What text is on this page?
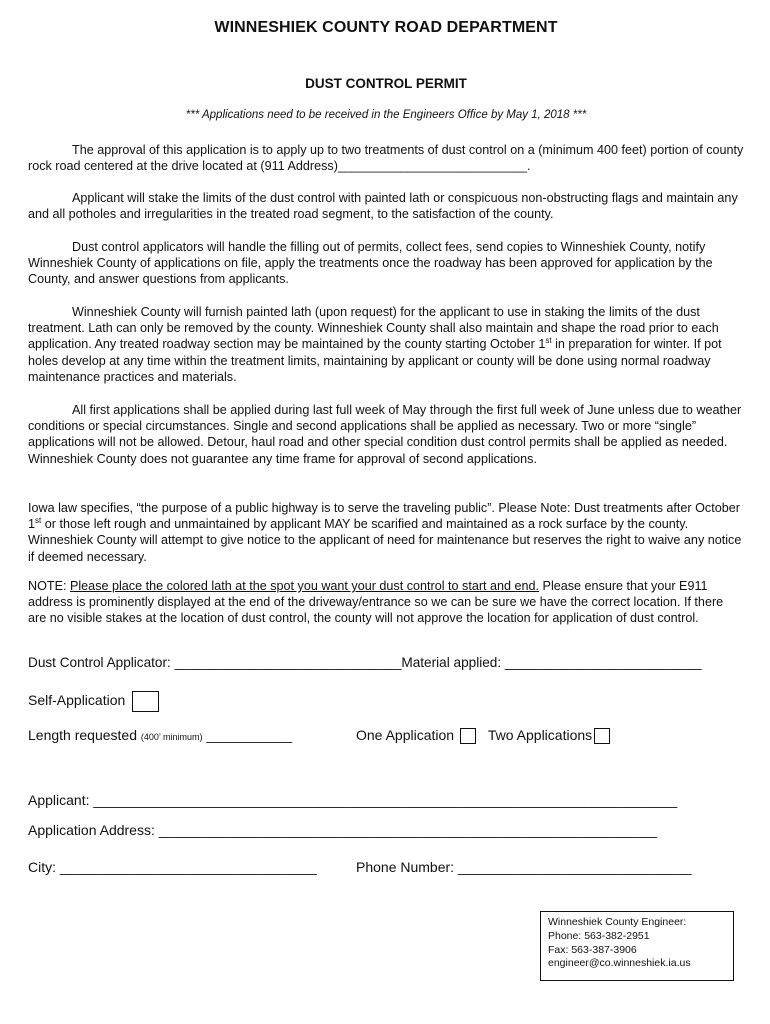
WINNESHIEK COUNTY ROAD DEPARTMENT
DUST CONTROL PERMIT
*** Applications need to be received in the Engineers Office by May 1, 2018 ***

The approval of this application is to apply up to two treatments of dust control on a (minimum 400 feet) portion of county rock road centered at the drive located at (911 Address)___________________________.

Applicant will stake the limits of the dust control with painted lath or conspicuous non-obstructing flags and maintain any and all potholes and irregularities in the treated road segment, to the satisfaction of the county.

Dust control applicators will handle the filling out of permits, collect fees, send copies to Winneshiek County, notify Winneshiek County of applications on file, apply the treatments once the roadway has been approved for application by the County, and answer questions from applicants.

Winneshiek County will furnish painted lath (upon request) for the applicant to use in staking the limits of the dust treatment. Lath can only be removed by the county. Winneshiek County shall also maintain and shape the road prior to each application. Any treated roadway section may be maintained by the county starting October 1st in preparation for winter. If pot holes develop at any time within the treatment limits, maintaining by applicant or county will be done using normal roadway maintenance practices and materials.

All first applications shall be applied during last full week of May through the first full week of June unless due to weather conditions or special circumstances. Single and second applications shall be applied as necessary. Two or more “single” applications will not be allowed. Detour, haul road and other special condition dust control permits shall be applied as needed. Winneshiek County does not guarantee any time frame for approval of second applications.

Iowa law specifies, “the purpose of a public highway is to serve the traveling public”. Please Note: Dust treatments after October 1st or those left rough and unmaintained by applicant MAY be scarified and maintained as a rock surface by the county. Winneshiek County will attempt to give notice to the applicant of need for maintenance but reserves the right to waive any notice if deemed necessary.

NOTE: Please place the colored lath at the spot you want your dust control to start and end. Please ensure that your E911 address is prominently displayed at the end of the driveway/entrance so we can be sure we have the correct location. If there are no visible stakes at the location of dust control, the county will not approve the location for application of dust control.

Dust Control Applicator: ______________________________Material applied: __________________________
Self-Application
Length requested (400’ minimum) ___________	One Application Two Applications
Applicant: ___________________________________________________________________________
Application Address: ________________________________________________________________
City: _________________________________	Phone Number: ______________________________
Winneshiek County Engineer:
Phone: 563-382-2951
Fax: 563-387-3906
engineer@co.winneshiek.ia.us
